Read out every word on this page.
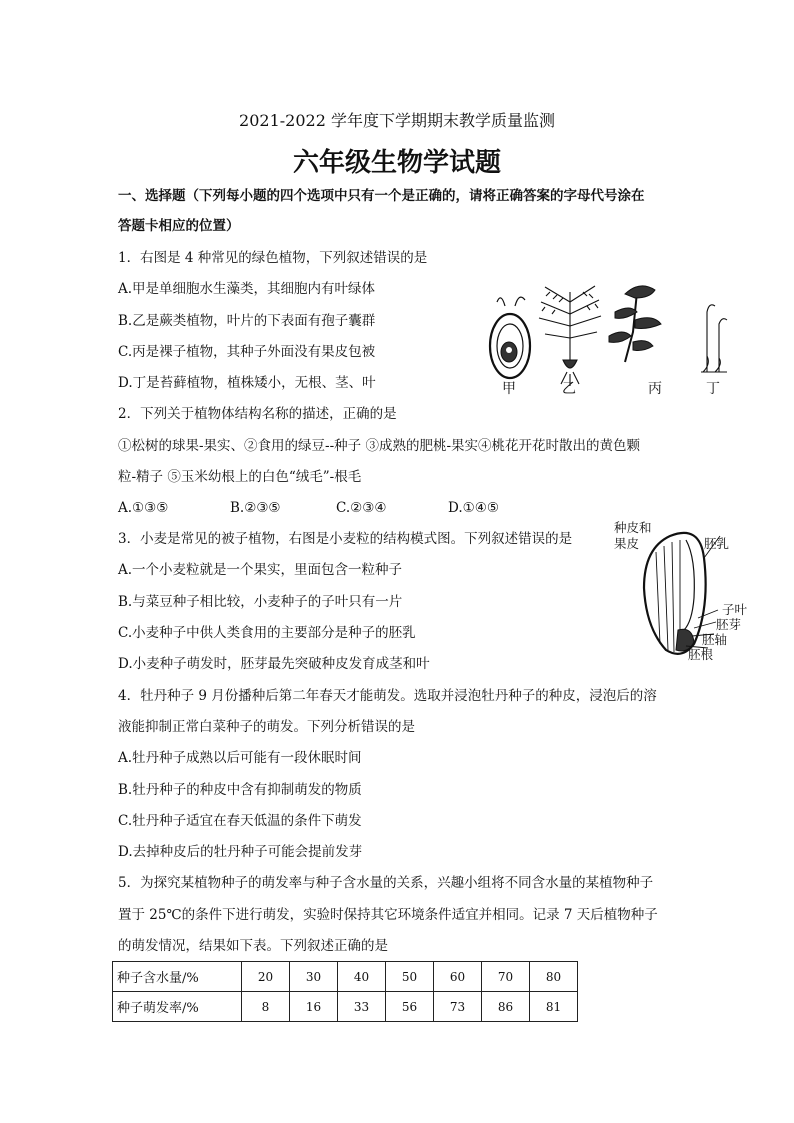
2021-2022 学年度下学期期末教学质量监测
六年级生物学试题
一、选择题（下列每小题的四个选项中只有一个是正确的，请将正确答案的字母代号涂在
答题卡相应的位置）
1．右图是 4 种常见的绿色植物，下列叙述错误的是
A.甲是单细胞水生藻类，其细胞内有叶绿体
B.乙是蕨类植物，叶片的下表面有孢子囊群
C.丙是裸子植物，其种子外面没有果皮包被
D.丁是苔藓植物，植株矮小，无根、茎、叶	甲	乙	丙	丁
2．下列关于植物体结构名称的描述，正确的是
①松树的球果-果实、②食用的绿豆--种子 ③成熟的肥桃-果实④桃花开花时散出的黄色颗
粒-精子 ⑤玉米幼根上的白色“绒毛”-根毛
A.①③⑤	B.②③⑤	C.②③④	D.①④⑤
3．小麦是常见的被子植物，右图是小麦粒的结构模式图。下列叙述错误的是
A.一个小麦粒就是一个果实，里面包含一粒种子
B.与菜豆种子相比较，小麦种子的子叶只有一片
C.小麦种子中供人类食用的主要部分是种子的胚乳
D.小麦种子萌发时，胚芽最先突破种皮发育成茎和叶
种皮和
果皮	胚乳
子叶
胚芽
胚轴
胚根
4．牡丹种子 9 月份播种后第二年春天才能萌发。选取并浸泡牡丹种子的种皮，浸泡后的溶
液能抑制正常白菜种子的萌发。下列分析错误的是
A.牡丹种子成熟以后可能有一段休眠时间
B.牡丹种子的种皮中含有抑制萌发的物质
C.牡丹种子适宜在春天低温的条件下萌发
D.去掉种皮后的牡丹种子可能会提前发芽
5．为探究某植物种子的萌发率与种子含水量的关系，兴趣小组将不同含水量的某植物种子
置于 25℃的条件下进行萌发，实验时保持其它环境条件适宜并相同。记录 7 天后植物种子
的萌发情况，结果如下表。下列叙述正确的是
种子含水量/%	20	30	40	50	60	70	80
种子萌发率/%	8	16	33	56	73	86	81
